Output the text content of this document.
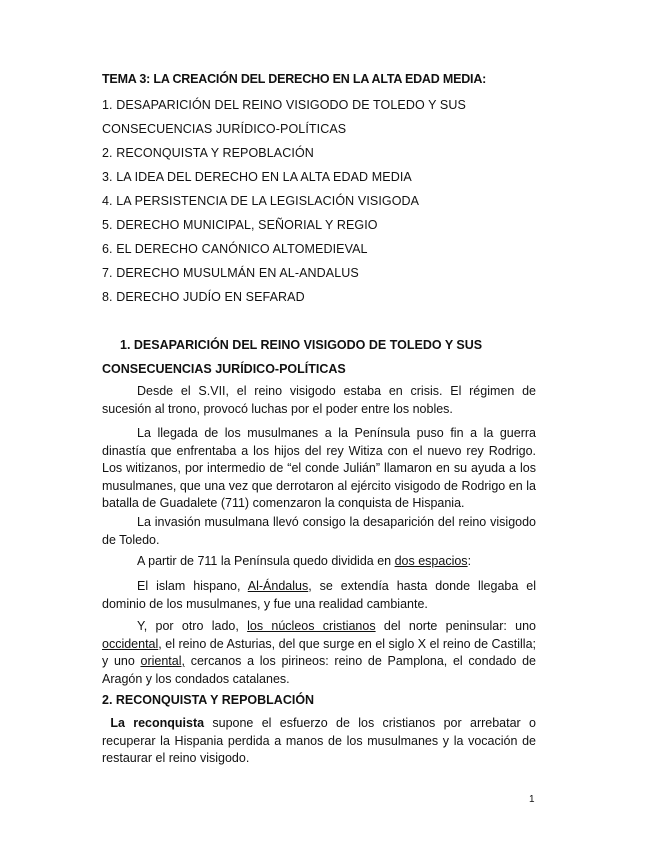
TEMA 3: LA CREACIÓN DEL DERECHO EN LA ALTA EDAD MEDIA:
1. DESAPARICIÓN DEL REINO VISIGODO DE TOLEDO Y SUS
CONSECUENCIAS JURÍDICO-POLÍTICAS
2. RECONQUISTA Y REPOBLACIÓN
3. LA IDEA DEL DERECHO EN LA ALTA EDAD MEDIA
4. LA PERSISTENCIA DE LA LEGISLACIÓN VISIGODA
5. DERECHO MUNICIPAL, SEÑORIAL Y REGIO
6. EL DERECHO CANÓNICO ALTOMEDIEVAL
7. DERECHO MUSULMÁN EN AL-ANDALUS
8. DERECHO JUDÍO EN SEFARAD
1. DESAPARICIÓN DEL REINO VISIGODO DE TOLEDO Y SUS
CONSECUENCIAS JURÍDICO-POLÍTICAS

Desde el S.VII, el reino visigodo estaba en crisis. El régimen de sucesión al trono, provocó luchas por el poder entre los nobles.

La llegada de los musulmanes a la Península puso fin a la guerra dinastía que enfrentaba a los hijos del rey Witiza con el nuevo rey Rodrigo. Los witizanos, por intermedio de “el conde Julián” llamaron en su ayuda a los musulmanes, que una vez que derrotaron al ejército visigodo de Rodrigo en la batalla de Guadalete (711) comenzaron la conquista de Hispania.

La invasión musulmana llevó consigo la desaparición del reino visigodo de Toledo.

A partir de 711 la Península quedo dividida en dos espacios:

El islam hispano, Al-Ándalus, se extendía hasta donde llegaba el dominio de los musulmanes, y fue una realidad cambiante.

Y, por otro lado, los núcleos cristianos del norte peninsular: uno occidental, el reino de Asturias, del que surge en el siglo X el reino de Castilla; y uno oriental, cercanos a los pirineos: reino de Pamplona, el condado de Aragón y los condados catalanes.

2. RECONQUISTA Y REPOBLACIÓN

La reconquista supone el esfuerzo de los cristianos por arrebatar o recuperar la Hispania perdida a manos de los musulmanes y la vocación de restaurar el reino visigodo.

1
